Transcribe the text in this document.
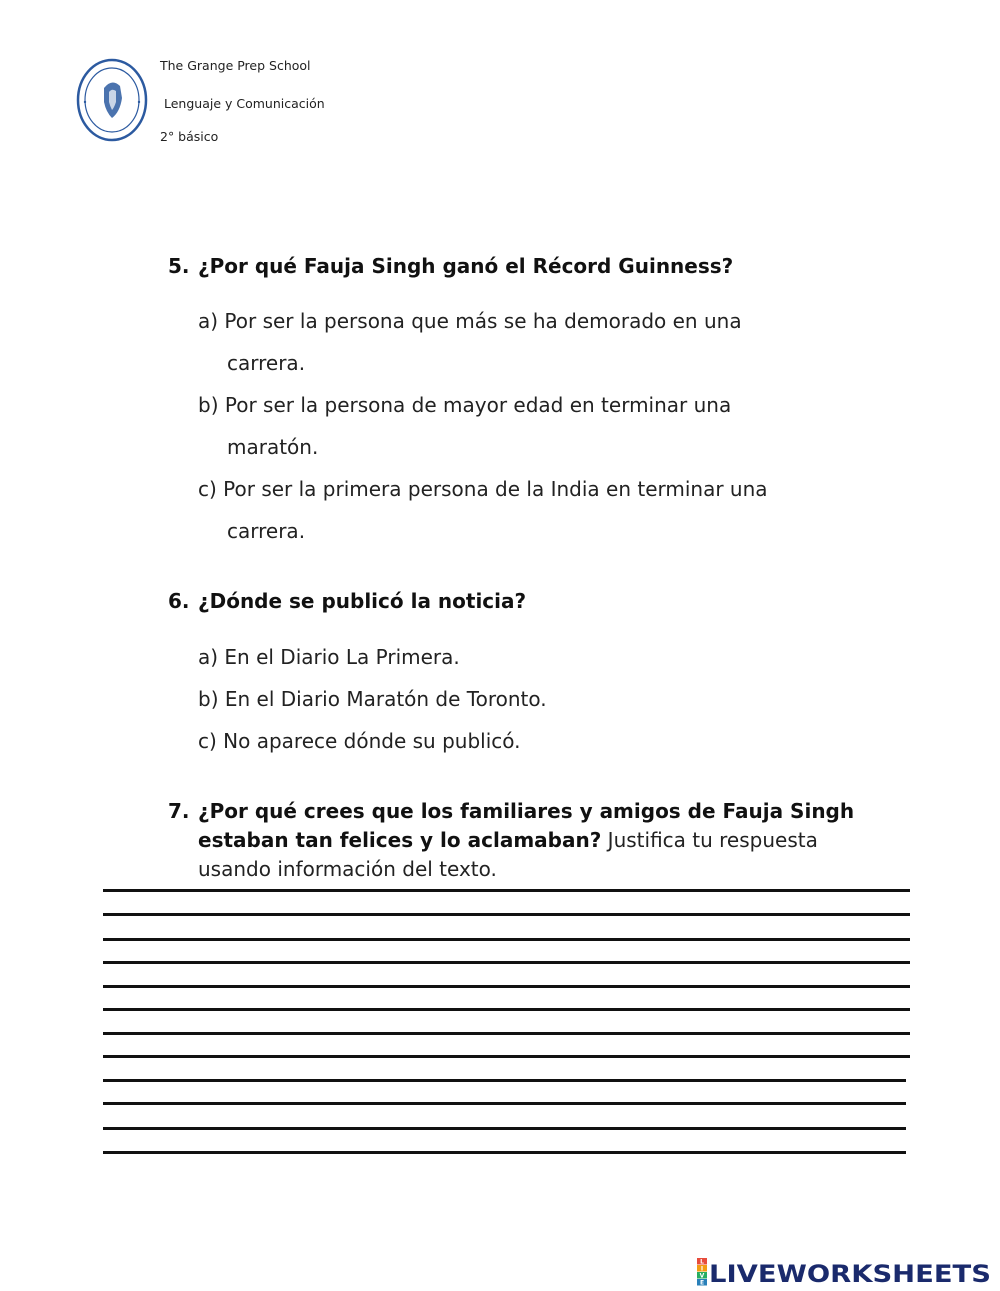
The Grange Prep School
Lenguaje y Comunicación
2° básico
5. ¿Por qué Fauja Singh ganó el Récord Guinness?
a) Por ser la persona que más se ha demorado en una
carrera.
b) Por ser la persona de mayor edad en terminar una
maratón.
c) Por ser la primera persona de la India en terminar una
carrera.
6. ¿Dónde se publicó la noticia?
a) En el Diario La Primera.
b) En el Diario Maratón de Toronto.
c) No aparece dónde su publicó.
7. ¿Por qué crees que los familiares y amigos de Fauja Singh estaban tan felices y lo aclamaban? Justifica tu respuesta usando información del texto.
L
I
V
E LIVEWORKSHEETS
